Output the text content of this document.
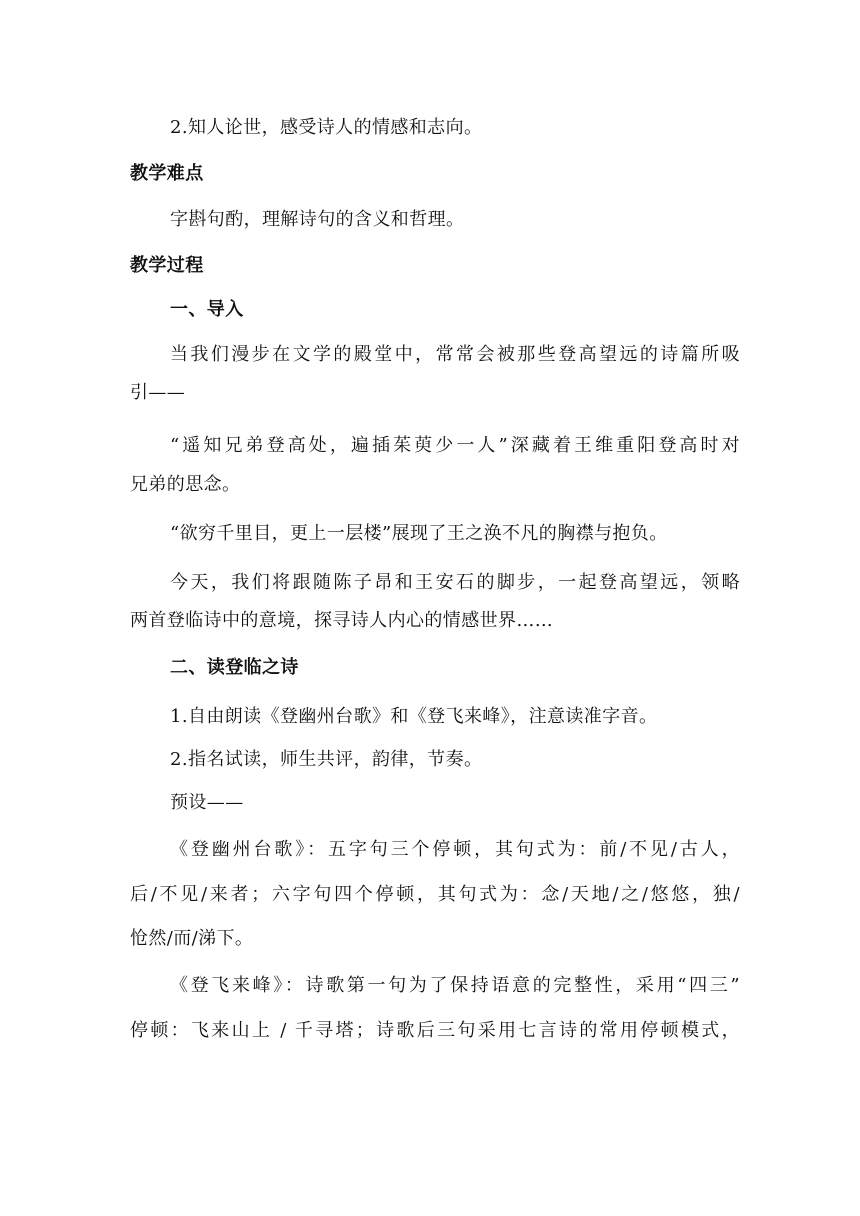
2.知人论世，感受诗人的情感和志向。
教学难点
字斟句酌，理解诗句的含义和哲理。
教学过程
一、导入
当我们漫步在文学的殿堂中，常常会被那些登高望远的诗篇所吸
引——
“遥知兄弟登高处，遍插茱萸少一人”深藏着王维重阳登高时对
兄弟的思念。
“欲穷千里目，更上一层楼”展现了王之涣不凡的胸襟与抱负。
今天，我们将跟随陈子昂和王安石的脚步，一起登高望远，领略
两首登临诗中的意境，探寻诗人内心的情感世界……
二、读登临之诗
1.自由朗读《登幽州台歌》和《登飞来峰》，注意读准字音。
2.指名试读，师生共评，韵律，节奏。
预设——
《登幽州台歌》：五字句三个停顿，其句式为：前/不见/古人，
后/不见/来者；六字句四个停顿，其句式为：念/天地/之/悠悠，独/
怆然/而/涕下。
《登飞来峰》：诗歌第一句为了保持语意的完整性，采用“四三”
停顿：飞来山上 / 千寻塔；诗歌后三句采用七言诗的常用停顿模式，
